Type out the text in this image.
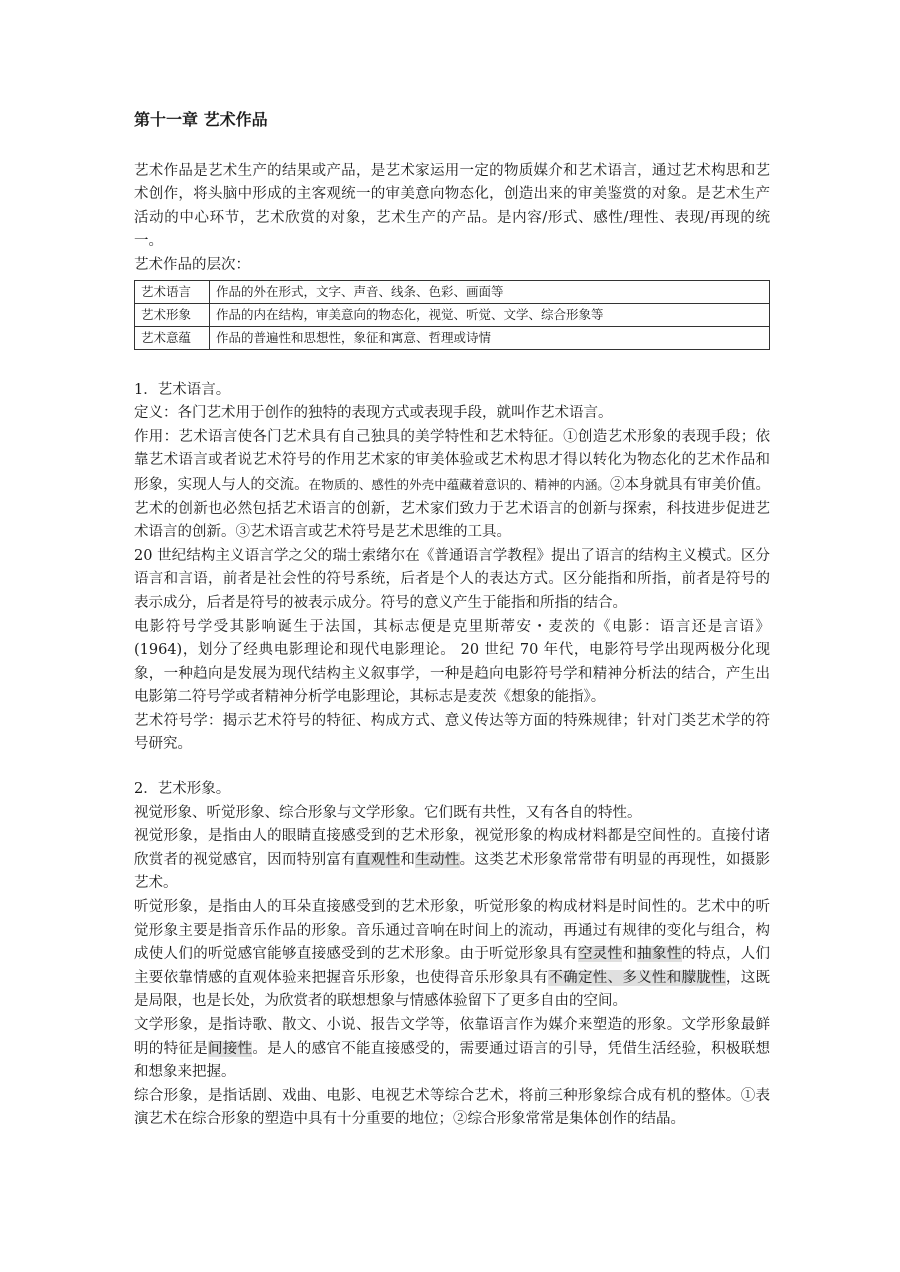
第十一章 艺术作品

艺术作品是艺术生产的结果或产品，是艺术家运用一定的物质媒介和艺术语言，通过艺术构思和艺术创作，将头脑中形成的主客观统一的审美意向物态化，创造出来的审美鉴赏的对象。是艺术生产活动的中心环节，艺术欣赏的对象，艺术生产的产品。是内容/形式、感性/理性、表现/再现的统一。

艺术作品的层次：

艺术语言	作品的外在形式，文字、声音、线条、色彩、画面等
艺术形象	作品的内在结构，审美意向的物态化，视觉、听觉、文学、综合形象等
艺术意蕴	作品的普遍性和思想性，象征和寓意、哲理或诗情

1．艺术语言。

定义：各门艺术用于创作的独特的表现方式或表现手段，就叫作艺术语言。

作用：艺术语言使各门艺术具有自己独具的美学特性和艺术特征。①创造艺术形象的表现手段；依靠艺术语言或者说艺术符号的作用艺术家的审美体验或艺术构思才得以转化为物态化的艺术作品和形象，实现人与人的交流。在物质的、感性的外壳中蕴藏着意识的、精神的内涵。②本身就具有审美价值。艺术的创新也必然包括艺术语言的创新，艺术家们致力于艺术语言的创新与探索，科技进步促进艺术语言的创新。③艺术语言或艺术符号是艺术思维的工具。

20 世纪结构主义语言学之父的瑞士索绪尔在《普通语言学教程》提出了语言的结构主义模式。区分语言和言语，前者是社会性的符号系统，后者是个人的表达方式。区分能指和所指，前者是符号的表示成分，后者是符号的被表示成分。符号的意义产生于能指和所指的结合。

电影符号学受其影响诞生于法国，其标志便是克里斯蒂安・麦茨的《电影：语言还是言语》(1964)，划分了经典电影理论和现代电影理论。 20 世纪 70 年代，电影符号学出现两极分化现象，一种趋向是发展为现代结构主义叙事学，一种是趋向电影符号学和精神分析法的结合，产生出电影第二符号学或者精神分析学电影理论，其标志是麦茨《想象的能指》。

艺术符号学：揭示艺术符号的特征、构成方式、意义传达等方面的特殊规律；针对门类艺术学的符号研究。

2．艺术形象。

视觉形象、听觉形象、综合形象与文学形象。它们既有共性，又有各自的特性。

视觉形象，是指由人的眼睛直接感受到的艺术形象，视觉形象的构成材料都是空间性的。直接付诸欣赏者的视觉感官，因而特别富有直观性和生动性。这类艺术形象常常带有明显的再现性，如摄影艺术。

听觉形象，是指由人的耳朵直接感受到的艺术形象，听觉形象的构成材料是时间性的。艺术中的听觉形象主要是指音乐作品的形象。音乐通过音响在时间上的流动，再通过有规律的变化与组合，构成使人们的听觉感官能够直接感受到的艺术形象。由于听觉形象具有空灵性和抽象性的特点，人们主要依靠情感的直观体验来把握音乐形象，也使得音乐形象具有不确定性、多义性和朦胧性，这既是局限，也是长处，为欣赏者的联想想象与情感体验留下了更多自由的空间。

文学形象，是指诗歌、散文、小说、报告文学等，依靠语言作为媒介来塑造的形象。文学形象最鲜明的特征是间接性。是人的感官不能直接感受的，需要通过语言的引导，凭借生活经验，积极联想和想象来把握。

综合形象，是指话剧、戏曲、电影、电视艺术等综合艺术，将前三种形象综合成有机的整体。①表演艺术在综合形象的塑造中具有十分重要的地位；②综合形象常常是集体创作的结晶。
